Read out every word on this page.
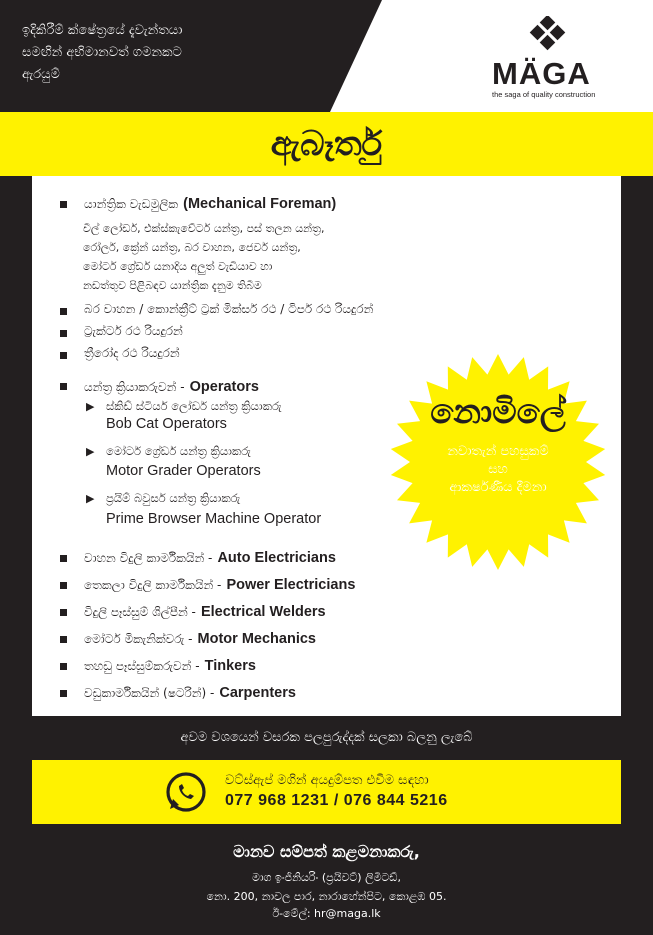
ඉදිකිරීම් ක්ෂේත්‍රයේ දැවැන්තයා
සමඟින් අභිමානවත් ගමනකට
ඇරයුම්	MÄGA
the saga of quality construction
ඇබෑර්තු
යාන්ත්‍රික වැඩමුලික (Mechanical Foreman)
වීල් ලෝඩර්, එක්ස්කැවේටර් යන්ත්‍ර, පස් තලන යන්ත්‍ර,
රෝලර්, ක්‍රේන් යන්ත්‍ර, බර වාහන, ජෙවර් යන්ත්‍ර,
මෝටර් ග්‍රේඩර් යනාදිය අලුත් වැඩියාව හා
නඩත්තුව පිළිබඳව යාන්ත්‍රික දැනුම තිබීම
බර වාහන / කොන්ක්‍රීට් ට්‍රක් මික්සර් රථ / ටිපර් රථ රියදුරන්
ට්‍රැක්ටර් රථ රියදුරන්
ත්‍රීරෝද රථ රියදුරන්
යන්ත්‍ර ක්‍රියාකරුවන් - Operators
▶ ස්කිඩ් ස්ටියර් ලෝඩර් යන්ත්‍ර ක්‍රියාකරු
Bob Cat Operators
▶ මෝටර් ග්‍රේඩර් යන්ත්‍ර ක්‍රියාකරු
Motor Grader Operators
▶ ප්‍රයිම් බවුසර් යන්ත්‍ර ක්‍රියාකරු
Prime Browser Machine Operator
වාහන විදුලි කාර්මිකයින් - Auto Electricians
තෙකලා විදුලි කාර්මිකයින් - Power Electricians
විදුලි පෑස්සුම් ශිල්පීන් - Electrical Welders
මෝටර් මිකැනික්වරු - Motor Mechanics
තහඩු පෑස්සුම්කරුවන් - Tinkers
වඩුකාර්මිකයින් (ෂටරින්) - Carpenters
නොමිලේ
නවාතැන් පහසුකම්
සහ
ආකර්ෂණීය දීමනා
අවම වශයෙන් වසරක පලපුරුද්දක් සලකා බලනු ලැබේ
වට්ස්ඇප් මගින් අයදුම්පත එවීම සඳහා
077 968 1231 / 076 844 5216
මානව සම්පත් කළමනාකරු,
මාග ඉංජිනියරිං (ප්‍රයිවට්) ලිමිටඩ්,
නො. 200, නාවල පාර, නාරාහේන්පිට, කොළඹ 05.
ඊ-මේල්: hr@maga.lk
